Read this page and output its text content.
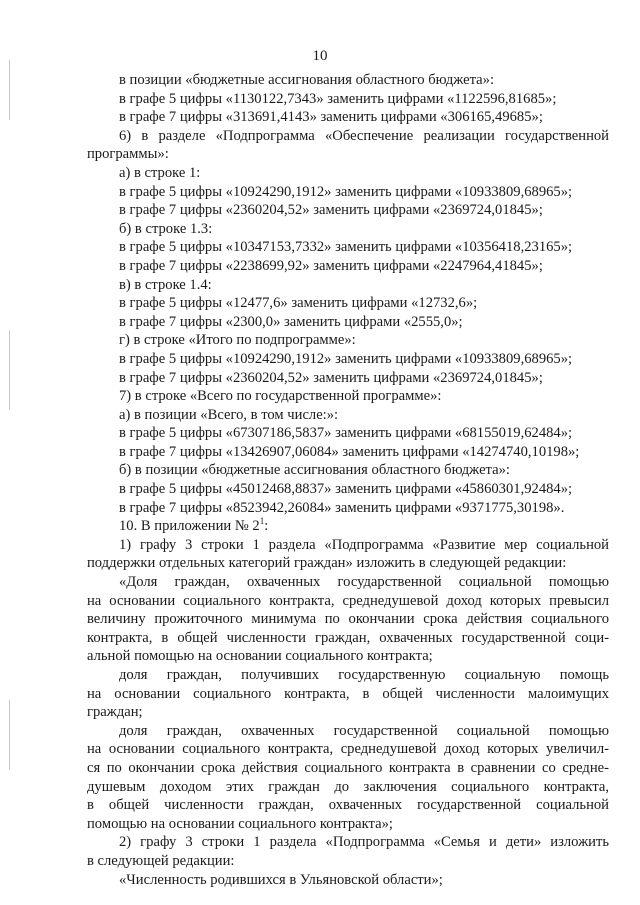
10
в позиции «бюджетные ассигнования областного бюджета»:
в графе 5 цифры «1130122,7343» заменить цифрами «1122596,81685»;
в графе 7 цифры «313691,4143» заменить цифрами «306165,49685»;
6) в разделе «Подпрограмма «Обеспечение реализации государственной
программы»:
а) в строке 1:
в графе 5 цифры «10924290,1912» заменить цифрами «10933809,68965»;
в графе 7 цифры «2360204,52» заменить цифрами «2369724,01845»;
б) в строке 1.3:
в графе 5 цифры «10347153,7332» заменить цифрами «10356418,23165»;
в графе 7 цифры «2238699,92» заменить цифрами «2247964,41845»;
в) в строке 1.4:
в графе 5 цифры «12477,6» заменить цифрами «12732,6»;
в графе 7 цифры «2300,0» заменить цифрами «2555,0»;
г) в строке «Итого по подпрограмме»:
в графе 5 цифры «10924290,1912» заменить цифрами «10933809,68965»;
в графе 7 цифры «2360204,52» заменить цифрами «2369724,01845»;
7) в строке «Всего по государственной программе»:
а) в позиции «Всего, в том числе:»:
в графе 5 цифры «67307186,5837» заменить цифрами «68155019,62484»;
в графе 7 цифры «13426907,06084» заменить цифрами «14274740,10198»;
б) в позиции «бюджетные ассигнования областного бюджета»:
в графе 5 цифры «45012468,8837» заменить цифрами «45860301,92484»;
в графе 7 цифры «8523942,26084» заменить цифрами «9371775,30198».
10. В приложении № $2^1$:
1) графу 3 строки 1 раздела «Подпрограмма «Развитие мер социальной
поддержки отдельных категорий граждан» изложить в следующей редакции:
«Доля граждан, охваченных государственной социальной помощью
на основании социального контракта, среднедушевой доход которых превысил
величину прожиточного минимума по окончании срока действия социального
контракта, в общей численности граждан, охваченных государственной соци-
альной помощью на основании социального контракта;
доля граждан, получивших государственную социальную помощь
на основании социального контракта, в общей численности малоимущих
граждан;
доля граждан, охваченных государственной социальной помощью
на основании социального контракта, среднедушевой доход которых увеличил-
ся по окончании срока действия социального контракта в сравнении со средне-
душевым доходом этих граждан до заключения социального контракта,
в общей численности граждан, охваченных государственной социальной
помощью на основании социального контракта»;
2) графу 3 строки 1 раздела «Подпрограмма «Семья и дети» изложить
в следующей редакции:
«Численность родившихся в Ульяновской области»;
